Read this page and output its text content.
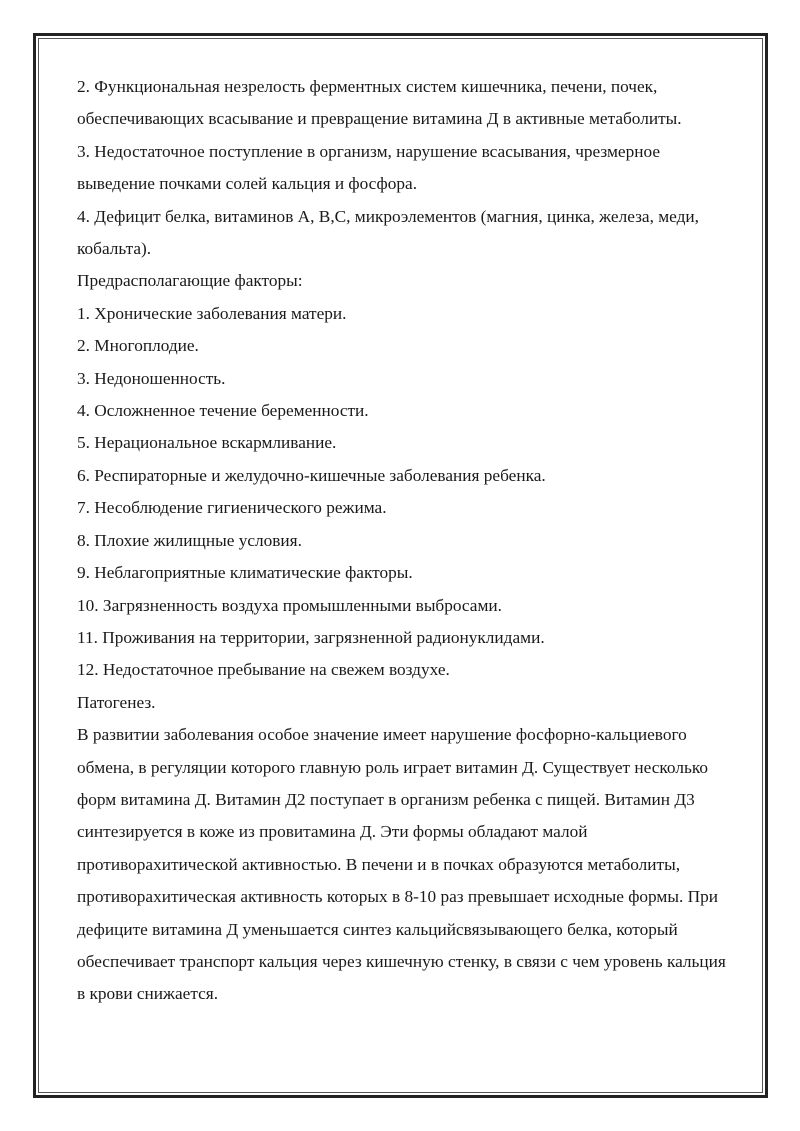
2. Функциональная незрелость ферментных систем кишечника, печени, почек, обеспечивающих всасывание и превращение витамина Д в активные метаболиты.

3. Недостаточное поступление в организм, нарушение всасывания, чрезмерное выведение почками солей кальция и фосфора.

4. Дефицит белка, витаминов А, В,С, микроэлементов (магния, цинка, железа, меди, кобальта).

Предрасполагающие факторы:

1. Хронические заболевания матери.

2. Многоплодие.

3. Недоношенность.

4. Осложненное течение беременности.

5. Нерациональное вскармливание.

6. Респираторные и желудочно-кишечные заболевания ребенка.

7. Несоблюдение гигиенического режима.

8. Плохие жилищные условия.

9. Неблагоприятные климатические факторы.

10. Загрязненность воздуха промышленными выбросами.

11. Проживания на территории, загрязненной радионуклидами.

12. Недостаточное пребывание на свежем воздухе.

Патогенез.

В развитии заболевания особое значение имеет нарушение фосфорно-кальциевого обмена, в регуляции которого главную роль играет витамин Д. Существует несколько форм витамина Д. Витамин Д2 поступает в организм ребенка с пищей. Витамин Д3 синтезируется в коже из провитамина Д. Эти формы обладают малой противорахитической активностью. В печени и в почках образуются метаболиты, противорахитическая активность которых в 8-10 раз превышает исходные формы. При дефиците витамина Д уменьшается синтез кальцийсвязывающего белка, который обеспечивает транспорт кальция через кишечную стенку, в связи с чем уровень кальция в крови снижается.
